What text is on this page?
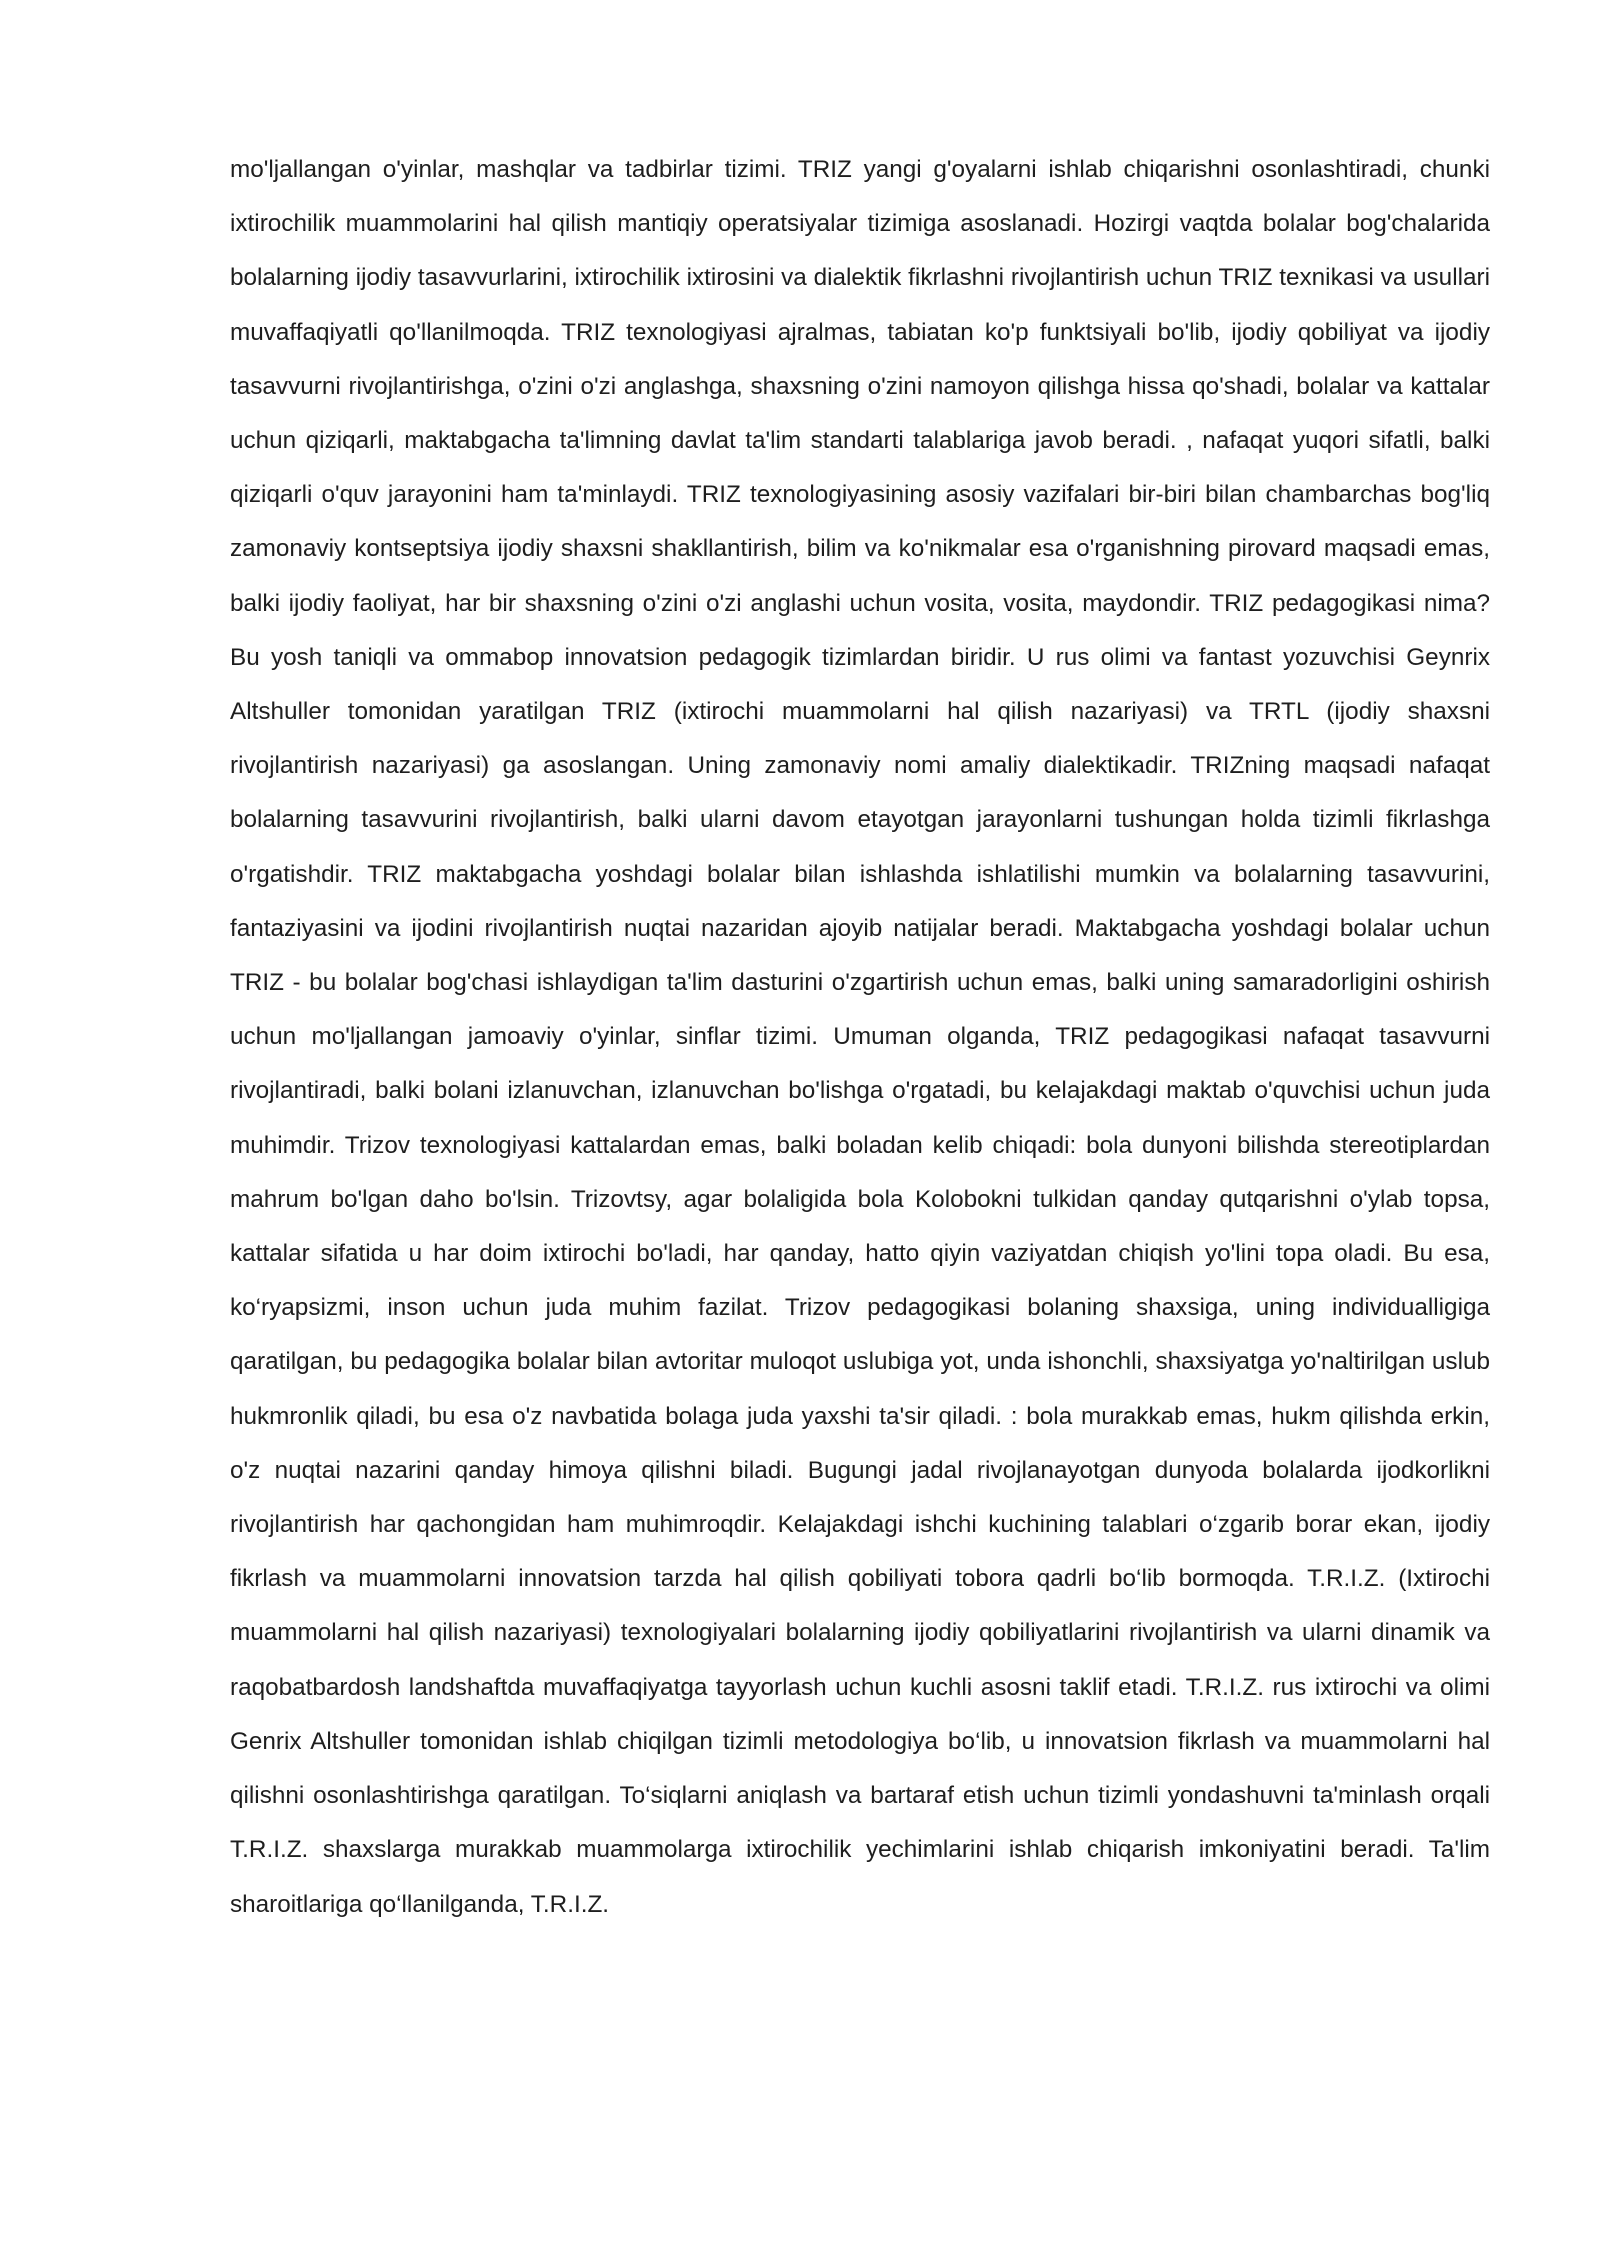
mo'ljallangan o'yinlar, mashqlar va tadbirlar tizimi. TRIZ yangi g'oyalarni ishlab chiqarishni osonlashtiradi, chunki ixtirochilik muammolarini hal qilish mantiqiy operatsiyalar tizimiga asoslanadi. Hozirgi vaqtda bolalar bog'chalarida bolalarning ijodiy tasavvurlarini, ixtirochilik ixtirosini va dialektik fikrlashni rivojlantirish uchun TRIZ texnikasi va usullari muvaffaqiyatli qo'llanilmoqda. TRIZ texnologiyasi ajralmas, tabiatan ko'p funktsiyali bo'lib, ijodiy qobiliyat va ijodiy tasavvurni rivojlantirishga, o'zini o'zi anglashga, shaxsning o'zini namoyon qilishga hissa qo'shadi, bolalar va kattalar uchun qiziqarli, maktabgacha ta'limning davlat ta'lim standarti talablariga javob beradi. , nafaqat yuqori sifatli, balki qiziqarli o'quv jarayonini ham ta'minlaydi. TRIZ texnologiyasining asosiy vazifalari bir-biri bilan chambarchas bog'liq zamonaviy kontseptsiya ijodiy shaxsni shakllantirish, bilim va ko'nikmalar esa o'rganishning pirovard maqsadi emas, balki ijodiy faoliyat, har bir shaxsning o'zini o'zi anglashi uchun vosita, vosita, maydondir. TRIZ pedagogikasi nima? Bu yosh taniqli va ommabop innovatsion pedagogik tizimlardan biridir. U rus olimi va fantast yozuvchisi Geynrix Altshuller tomonidan yaratilgan TRIZ (ixtirochi muammolarni hal qilish nazariyasi) va TRTL (ijodiy shaxsni rivojlantirish nazariyasi) ga asoslangan. Uning zamonaviy nomi amaliy dialektikadir. TRIZning maqsadi nafaqat bolalarning tasavvurini rivojlantirish, balki ularni davom etayotgan jarayonlarni tushungan holda tizimli fikrlashga o'rgatishdir. TRIZ maktabgacha yoshdagi bolalar bilan ishlashda ishlatilishi mumkin va bolalarning tasavvurini, fantaziyasini va ijodini rivojlantirish nuqtai nazaridan ajoyib natijalar beradi. Maktabgacha yoshdagi bolalar uchun TRIZ - bu bolalar bog'chasi ishlaydigan ta'lim dasturini o'zgartirish uchun emas, balki uning samaradorligini oshirish uchun mo'ljallangan jamoaviy o'yinlar, sinflar tizimi. Umuman olganda, TRIZ pedagogikasi nafaqat tasavvurni rivojlantiradi, balki bolani izlanuvchan, izlanuvchan bo'lishga o'rgatadi, bu kelajakdagi maktab o'quvchisi uchun juda muhimdir. Trizov texnologiyasi kattalardan emas, balki boladan kelib chiqadi: bola dunyoni bilishda stereotiplardan mahrum bo'lgan daho bo'lsin. Trizovtsy, agar bolaligida bola Kolobokni tulkidan qanday qutqarishni o'ylab topsa, kattalar sifatida u har doim ixtirochi bo'ladi, har qanday, hatto qiyin vaziyatdan chiqish yo'lini topa oladi. Bu esa, ko‘ryapsizmi, inson uchun juda muhim fazilat. Trizov pedagogikasi bolaning shaxsiga, uning individualligiga qaratilgan, bu pedagogika bolalar bilan avtoritar muloqot uslubiga yot, unda ishonchli, shaxsiyatga yo'naltirilgan uslub hukmronlik qiladi, bu esa o'z navbatida bolaga juda yaxshi ta'sir qiladi. : bola murakkab emas, hukm qilishda erkin, o'z nuqtai nazarini qanday himoya qilishni biladi. Bugungi jadal rivojlanayotgan dunyoda bolalarda ijodkorlikni rivojlantirish har qachongidan ham muhimroqdir. Kelajakdagi ishchi kuchining talablari o‘zgarib borar ekan, ijodiy fikrlash va muammolarni innovatsion tarzda hal qilish qobiliyati tobora qadrli bo‘lib bormoqda. T.R.I.Z. (Ixtirochi muammolarni hal qilish nazariyasi) texnologiyalari bolalarning ijodiy qobiliyatlarini rivojlantirish va ularni dinamik va raqobatbardosh landshaftda muvaffaqiyatga tayyorlash uchun kuchli asosni taklif etadi. T.R.I.Z. rus ixtirochi va olimi Genrix Altshuller tomonidan ishlab chiqilgan tizimli metodologiya bo‘lib, u innovatsion fikrlash va muammolarni hal qilishni osonlashtirishga qaratilgan. To‘siqlarni aniqlash va bartaraf etish uchun tizimli yondashuvni ta'minlash orqali T.R.I.Z. shaxslarga murakkab muammolarga ixtirochilik yechimlarini ishlab chiqarish imkoniyatini beradi. Ta'lim sharoitlariga qo‘llanilganda, T.R.I.Z.
